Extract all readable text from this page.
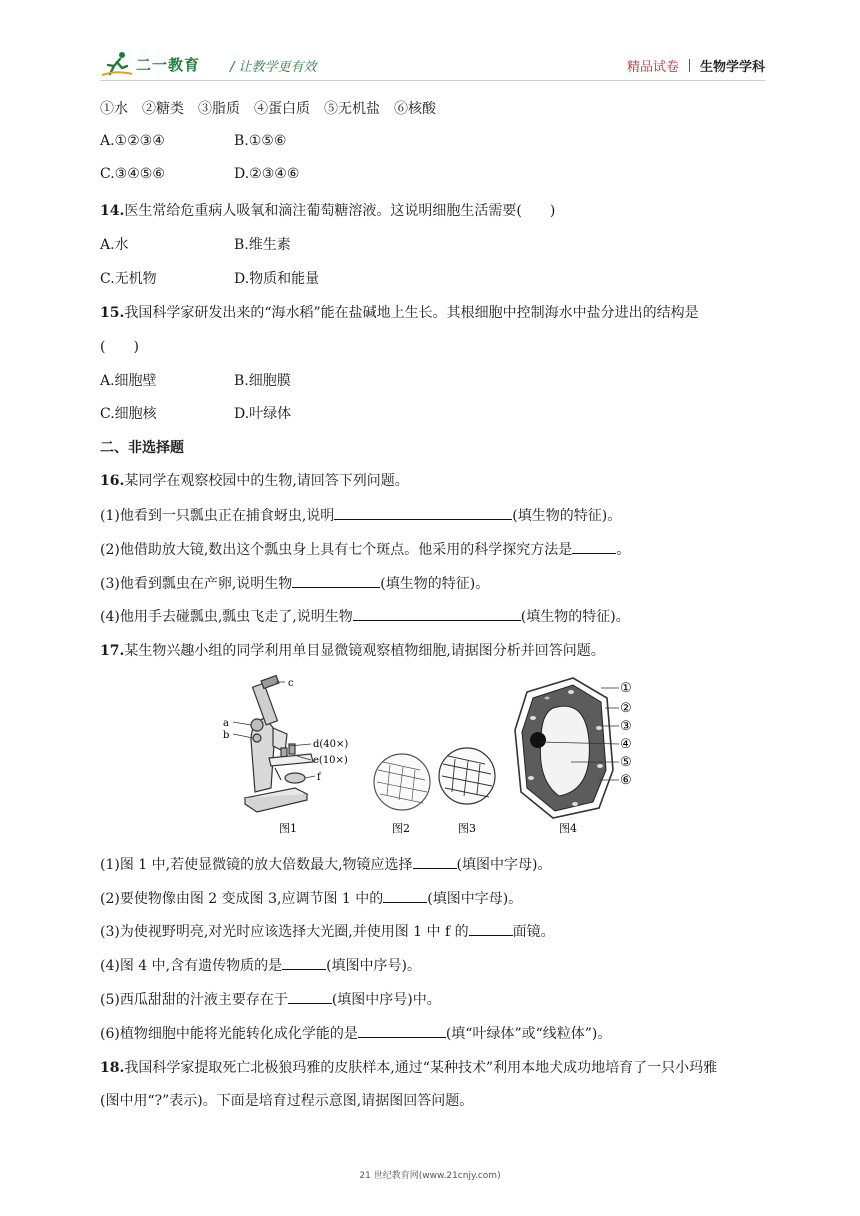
二一教育 / 让教学更有效	精品试卷 生物学学科
①水　②糖类　③脂质　④蛋白质　⑤无机盐　⑥核酸
A.①②③④	B.①⑤⑥
C.③④⑤⑥	D.②③④⑥
14.医生常给危重病人吸氧和滴注葡萄糖溶液。这说明细胞生活需要(　　)
A.水	B.维生素
C.无机物	D.物质和能量
15.我国科学家研发出来的“海水稻”能在盐碱地上生长。其根细胞中控制海水中盐分进出的结构是
(　　)
A.细胞壁	B.细胞膜
C.细胞核	D.叶绿体
二、非选择题
16.某同学在观察校园中的生物,请回答下列问题。
(1)他看到一只瓢虫正在捕食蚜虫,说明	(填生物的特征)。
(2)他借助放大镜,数出这个瓢虫身上具有七个斑点。他采用的科学探究方法是	。
(3)他看到瓢虫在产卵,说明生物	(填生物的特征)。
(4)他用手去碰瓢虫,瓢虫飞走了,说明生物	(填生物的特征)。
17.某生物兴趣小组的同学利用单目显微镜观察植物细胞,请据图分析并回答问题。
c
a
b
d(40×)
e(10×)
f
①
②
③
④
⑤
⑥
图1	图2	图3	图4
(1)图 1 中,若使显微镜的放大倍数最大,物镜应选择	(填图中字母)。
(2)要使物像由图 2 变成图 3,应调节图 1 中的	(填图中字母)。
(3)为使视野明亮,对光时应该选择大光圈,并使用图 1 中 f 的	面镜。
(4)图 4 中,含有遗传物质的是	(填图中序号)。
(5)西瓜甜甜的汁液主要存在于	(填图中序号)中。
(6)植物细胞中能将光能转化成化学能的是	(填“叶绿体”或“线粒体”)。
18.我国科学家提取死亡北极狼玛雅的皮肤样本,通过“某种技术”利用本地犬成功地培育了一只小玛雅
(图中用“?”表示)。下面是培育过程示意图,请据图回答问题。
21 世纪教育网(www.21cnjy.com)
